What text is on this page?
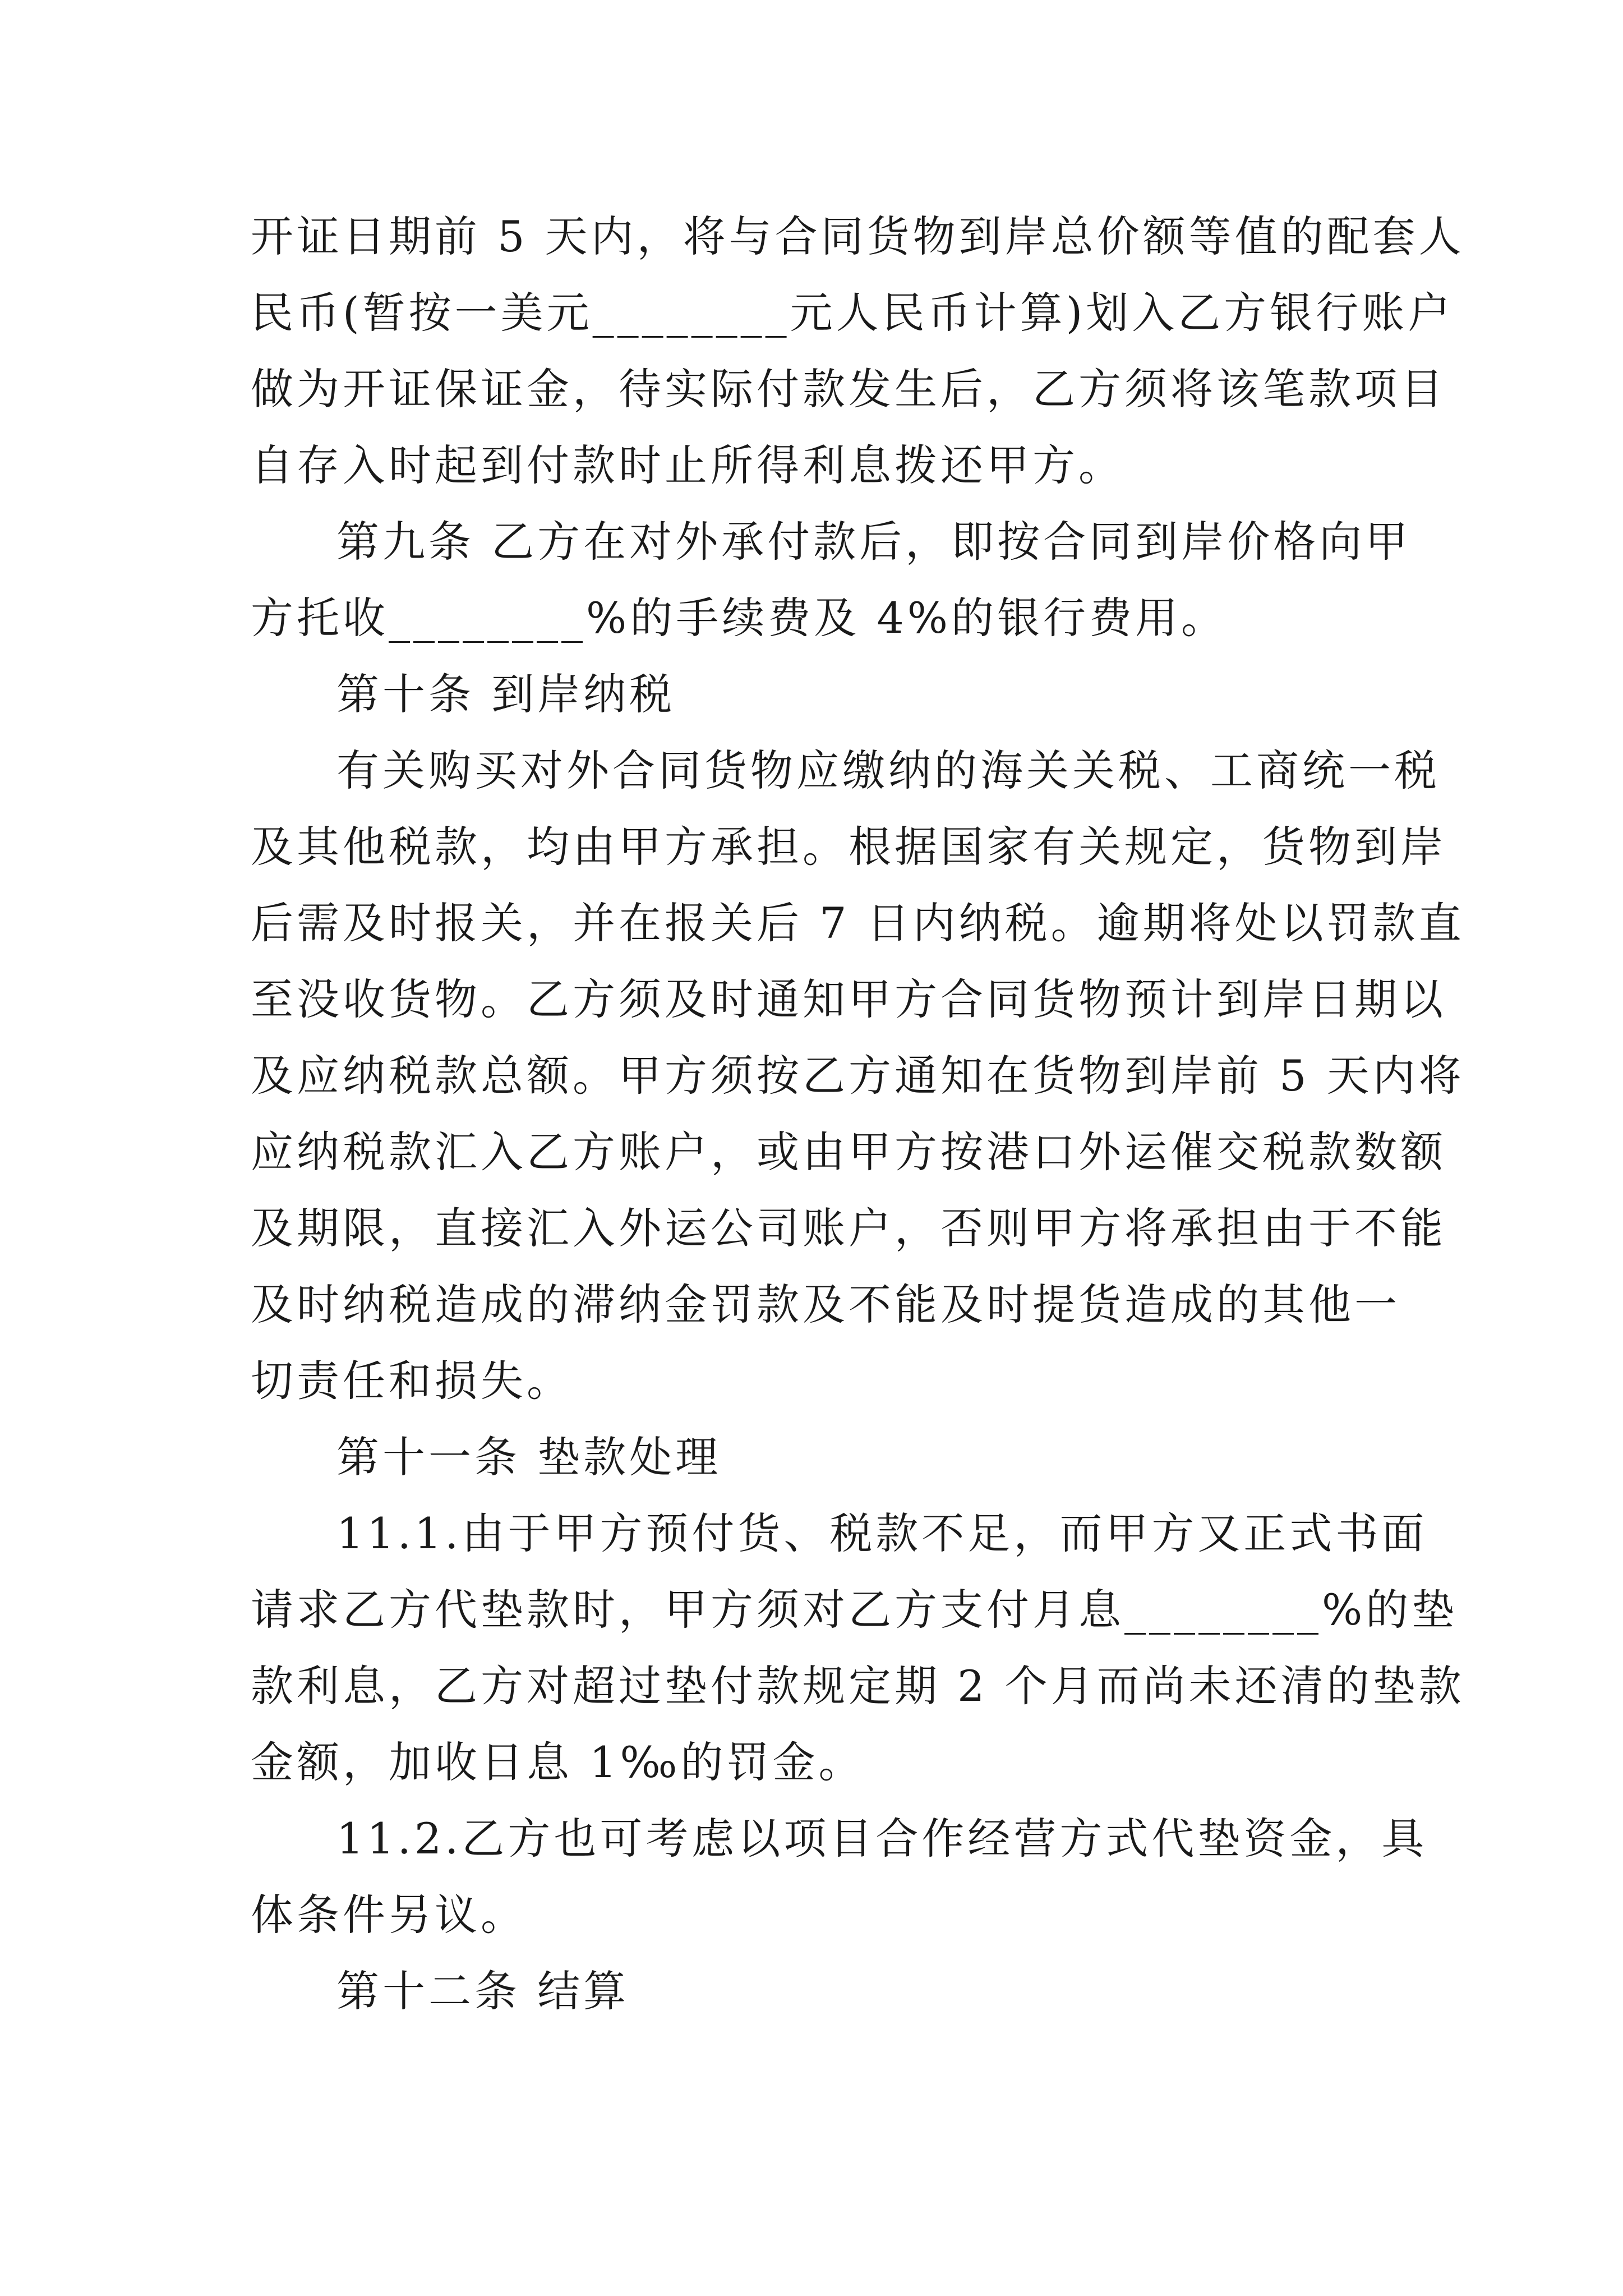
开证日期前 5 天内，将与合同货物到岸总价额等值的配套人
民币(暂按一美元________元人民币计算)划入乙方银行账户
做为开证保证金，待实际付款发生后，乙方须将该笔款项目
自存入时起到付款时止所得利息拨还甲方。
第九条 乙方在对外承付款后，即按合同到岸价格向甲
方托收________%的手续费及 4%的银行费用。
第十条 到岸纳税
有关购买对外合同货物应缴纳的海关关税、工商统一税
及其他税款，均由甲方承担。根据国家有关规定，货物到岸
后需及时报关，并在报关后 7 日内纳税。逾期将处以罚款直
至没收货物。乙方须及时通知甲方合同货物预计到岸日期以
及应纳税款总额。甲方须按乙方通知在货物到岸前 5 天内将
应纳税款汇入乙方账户，或由甲方按港口外运催交税款数额
及期限，直接汇入外运公司账户，否则甲方将承担由于不能
及时纳税造成的滞纳金罚款及不能及时提货造成的其他一
切责任和损失。
第十一条 垫款处理
11.1.由于甲方预付货、税款不足，而甲方又正式书面
请求乙方代垫款时，甲方须对乙方支付月息________%的垫
款利息，乙方对超过垫付款规定期 2 个月而尚未还清的垫款
金额，加收日息 1‰的罚金。
11.2.乙方也可考虑以项目合作经营方式代垫资金，具
体条件另议。
第十二条 结算
